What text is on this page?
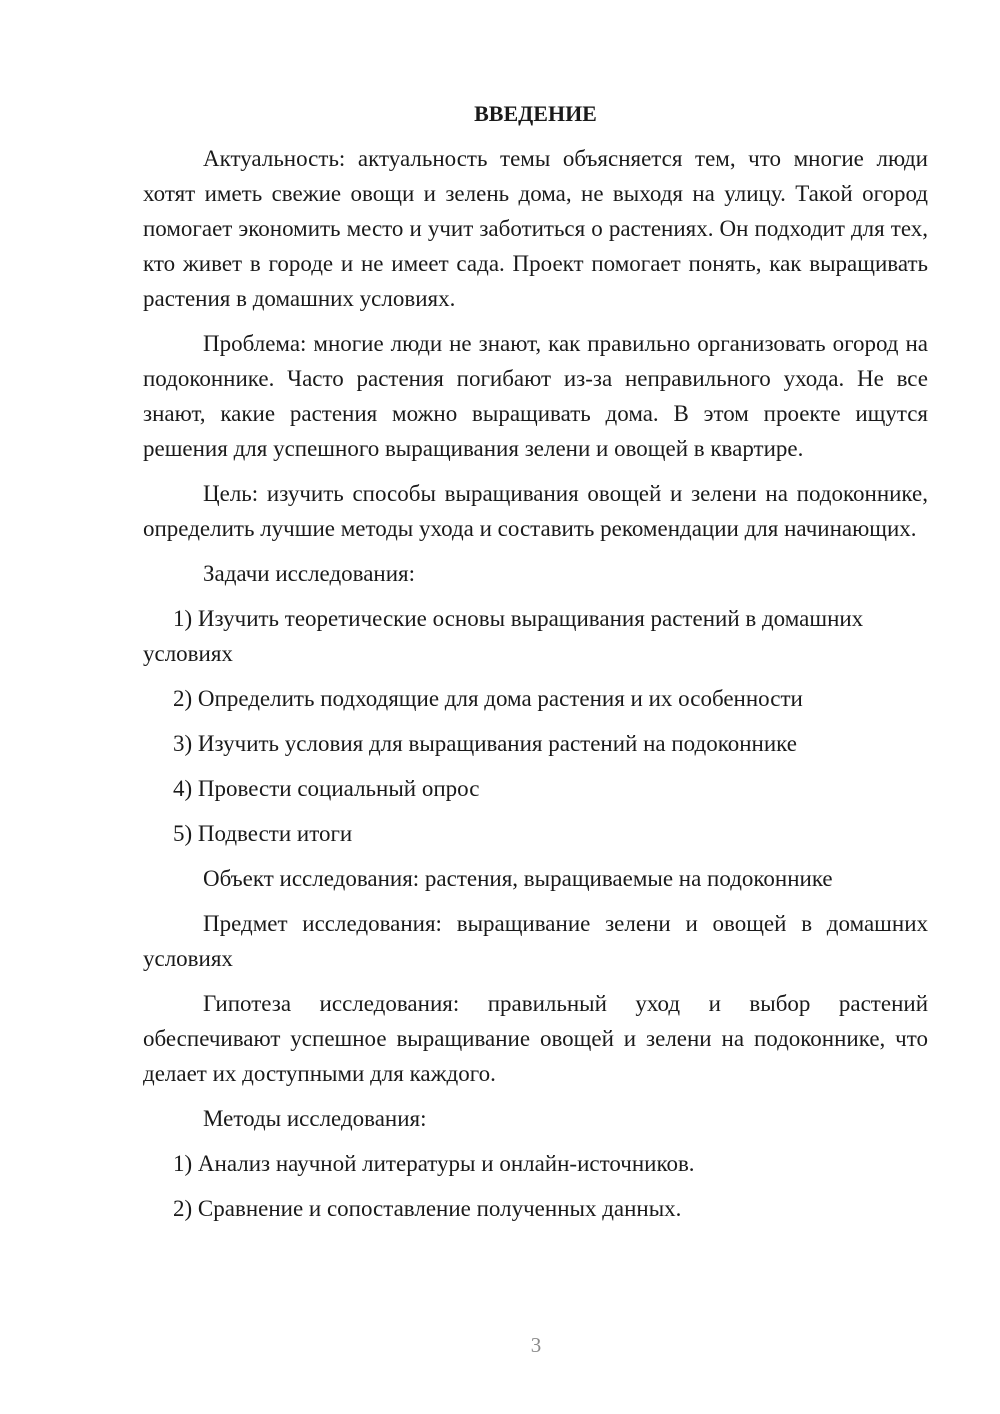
ВВЕДЕНИЕ

Актуальность: актуальность темы объясняется тем, что многие люди хотят иметь свежие овощи и зелень дома, не выходя на улицу. Такой огород помогает экономить место и учит заботиться о растениях. Он подходит для тех, кто живет в городе и не имеет сада. Проект помогает понять, как выращивать растения в домашних условиях.

Проблема: многие люди не знают, как правильно организовать огород на подоконнике. Часто растения погибают из-за неправильного ухода. Не все знают, какие растения можно выращивать дома. В этом проекте ищутся решения для успешного выращивания зелени и овощей в квартире.

Цель: изучить способы выращивания овощей и зелени на подоконнике, определить лучшие методы ухода и составить рекомендации для начинающих.

Задачи исследования:

1) Изучить теоретические основы выращивания растений в домашних условиях

2) Определить подходящие для дома растения и их особенности

3) Изучить условия для выращивания растений на подоконнике

4) Провести социальный опрос

5) Подвести итоги

Объект исследования: растения, выращиваемые на подоконнике

Предмет исследования: выращивание зелени и овощей в домашних условиях

Гипотеза исследования: правильный уход и выбор растений обеспечивают успешное выращивание овощей и зелени на подоконнике, что делает их доступными для каждого.

Методы исследования:

1) Анализ научной литературы и онлайн-источников.

2) Сравнение и сопоставление полученных данных.

3
